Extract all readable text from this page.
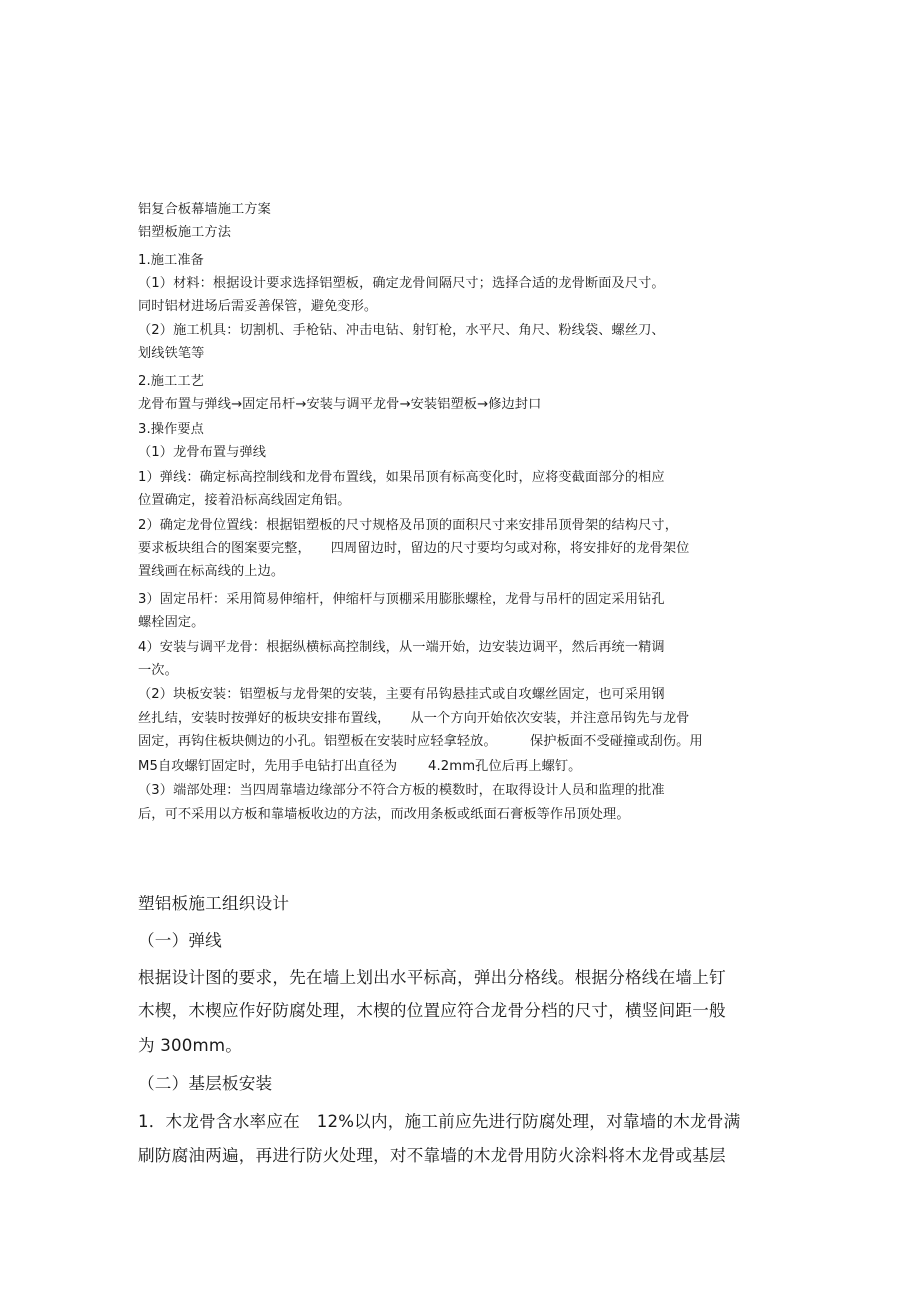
铝复合板幕墙施工方案
铝塑板施工方法
1.施工准备
（1）材料：根据设计要求选择铝塑板，确定龙骨间隔尺寸；选择合适的龙骨断面及尺寸。
同时铝材进场后需妥善保管，避免变形。
（2）施工机具：切割机、手枪钻、冲击电钻、射钉枪，水平尺、角尺、粉线袋、螺丝刀、
划线铁笔等
2.施工工艺
龙骨布置与弹线→固定吊杆→安装与调平龙骨→安装铝塑板→修边封口
3.操作要点
（1）龙骨布置与弹线
1）弹线：确定标高控制线和龙骨布置线，如果吊顶有标高变化时，应将变截面部分的相应
位置确定，接着沿标高线固定角铝。
2）确定龙骨位置线：根据铝塑板的尺寸规格及吊顶的面积尺寸来安排吊顶骨架的结构尺寸，
要求板块组合的图案要完整，　　四周留边时，留边的尺寸要均匀或对称，将安排好的龙骨架位
置线画在标高线的上边。
3）固定吊杆：采用简易伸缩杆，伸缩杆与顶棚采用膨胀螺栓，龙骨与吊杆的固定采用钻孔
螺栓固定。
4）安装与调平龙骨：根据纵横标高控制线，从一端开始，边安装边调平，然后再统一精调
一次。
（2）块板安装：铝塑板与龙骨架的安装，主要有吊钩悬挂式或自攻螺丝固定，也可采用钢
丝扎结，安装时按弹好的板块安排布置线，　　从一个方向开始依次安装，并注意吊钩先与龙骨
固定，再钩住板块侧边的小孔。铝塑板在安装时应轻拿轻放。　　　保护板面不受碰撞或刮伤。用
M5自攻螺钉固定时，先用手电钻打出直径为　　 4.2mm孔位后再上螺钉。
（3）端部处理：当四周靠墙边缘部分不符合方板的模数时，在取得设计人员和监理的批准
后，可不采用以方板和靠墙板收边的方法，而改用条板或纸面石膏板等作吊顶处理。
塑铝板施工组织设计
（一）弹线
根据设计图的要求，先在墙上划出水平标高，弹出分格线。根据分格线在墙上钉
木楔，木楔应作好防腐处理，木楔的位置应符合龙骨分档的尺寸，横竖间距一般
为 300mm。
（二）基层板安装
1．木龙骨含水率应在　12%以内，施工前应先进行防腐处理，对靠墙的木龙骨满
刷防腐油两遍，再进行防火处理，对不靠墙的木龙骨用防火涂料将木龙骨或基层
